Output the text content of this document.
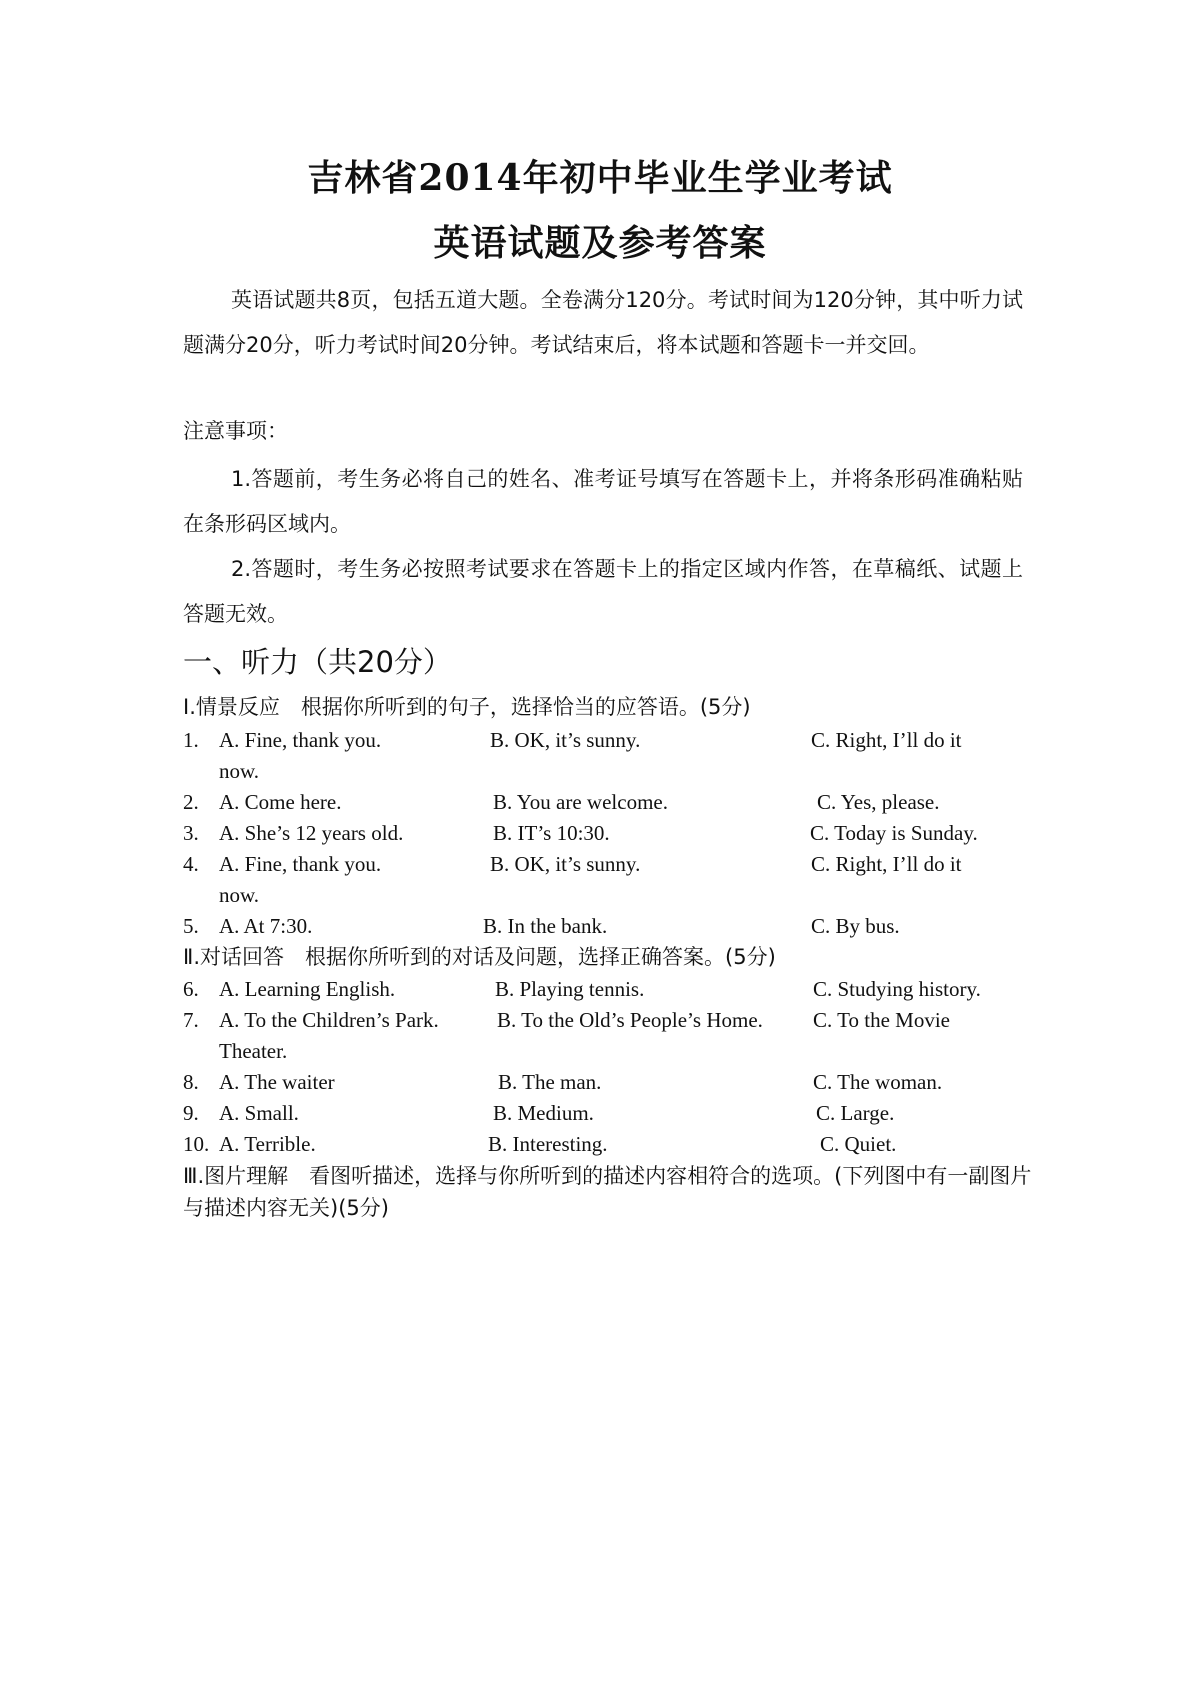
吉林省2014年初中毕业生学业考试
英语试题及参考答案
英语试题共8页，包括五道大题。全卷满分120分。考试时间为120分钟，其中听力试题满分20分，听力考试时间20分钟。考试结束后，将本试题和答题卡一并交回。
注意事项：
1.答题前，考生务必将自己的姓名、准考证号填写在答题卡上，并将条形码准确粘贴在条形码区域内。
2.答题时，考生务必按照考试要求在答题卡上的指定区域内作答，在草稿纸、试题上答题无效。
一、听力（共20分）
Ⅰ.情景反应　根据你所听到的句子，选择恰当的应答语。(5分)
1. A. Fine, thank you.	B. OK, it’s sunny.	C. Right, I’ll do it
now.
2. A. Come here.	B. You are welcome.	C. Yes, please.
3. A. She’s 12 years old.	B. IT’s 10:30.	C. Today is Sunday.
4. A. Fine, thank you.	B. OK, it’s sunny.	C. Right, I’ll do it
now.
5. A. At 7:30.	B. In the bank.	C. By bus.
Ⅱ.对话回答　根据你所听到的对话及问题，选择正确答案。(5分)
6. A. Learning English.	B. Playing tennis.	C. Studying history.
7. A. To the Children’s Park.	B. To the Old’s People’s Home. C. To the Movie
Theater.
8. A. The waiter	B. The man.	C. The woman.
9. A. Small.	B. Medium.	C. Large.
10. A. Terrible.	B. Interesting.	C. Quiet.
Ⅲ.图片理解　看图听描述，选择与你所听到的描述内容相符合的选项。(下列图中有一副图片与描述内容无关)(5分)
